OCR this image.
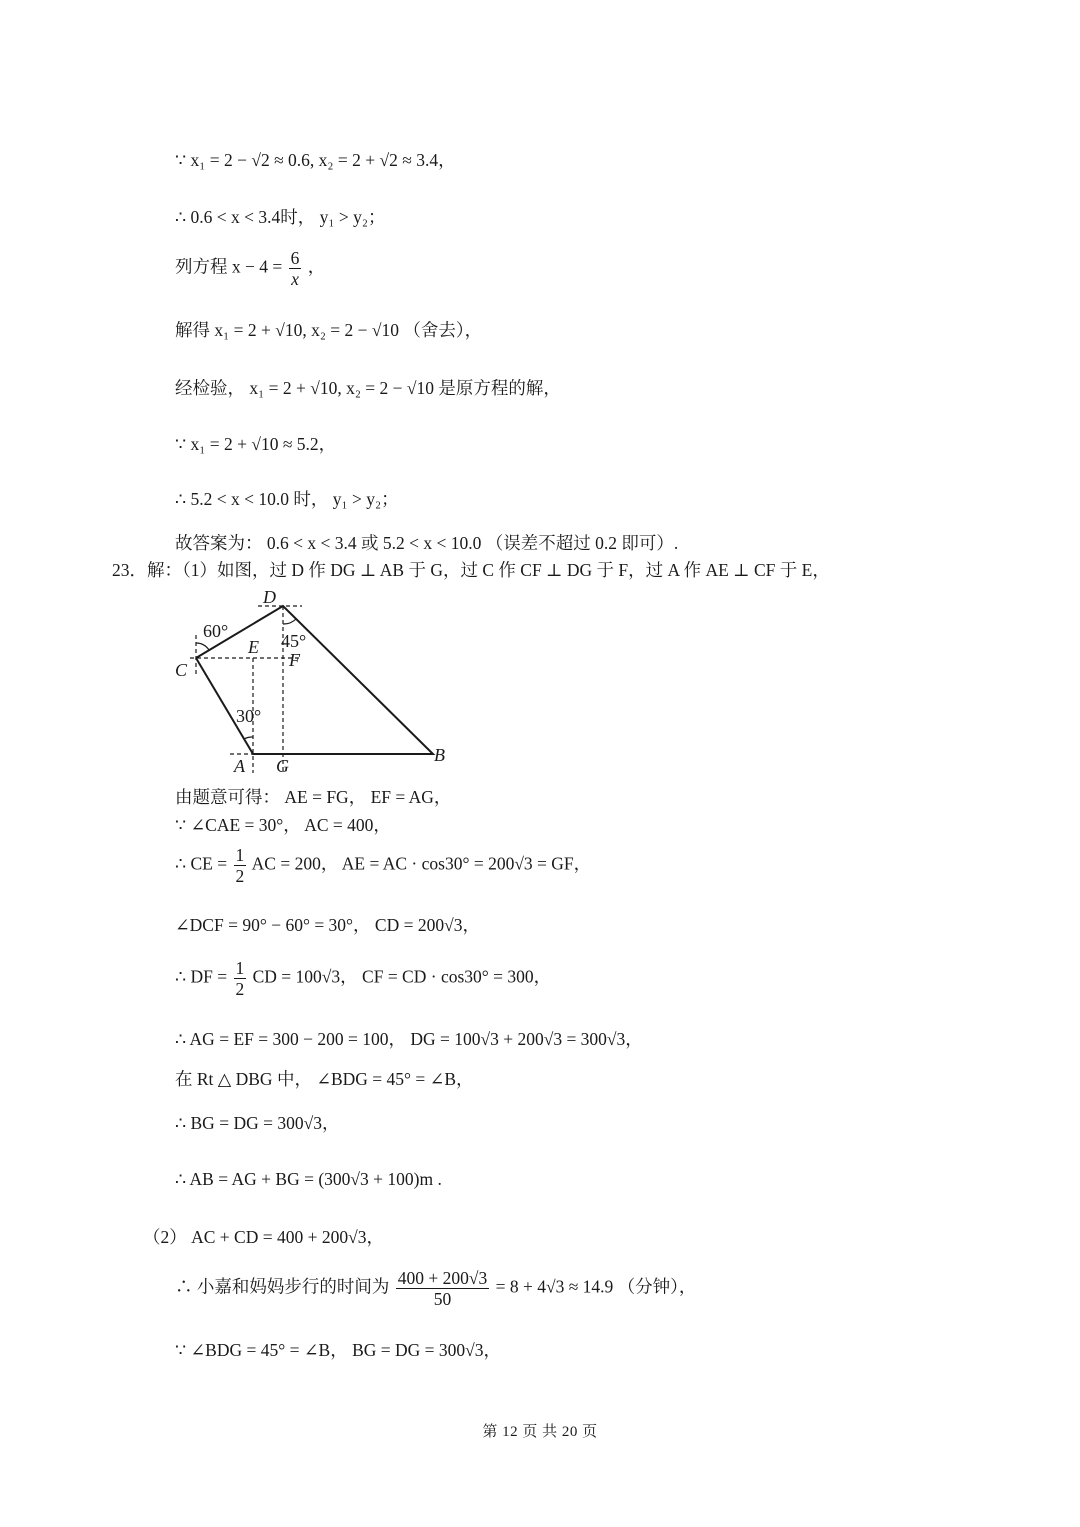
∵ x₁ = 2 − √2 ≈ 0.6, x₂ = 2 + √2 ≈ 3.4，
∴ 0.6 < x < 3.4时， y₁ > y₂；
列方程 $x - 4 = \frac{6}{x}$ ，
解得 x₁ = 2 + √10, x₂ = 2 − √10 （舍去），
经检验， x₁ = 2 + √10, x₂ = 2 − √10 是原方程的解，
∵ x₁ = 2 + √10 ≈ 5.2，
∴ 5.2 < x < 10.0 时， y₁ > y₂；
故答案为： 0.6 < x < 3.4 或 5.2 < x < 10.0 （误差不超过 0.2 即可）.
23．解：（1）如图，过 D 作 DG ⊥ AB 于 G，过 C 作 CF ⊥ DG 于 F，过 A 作 AE ⊥ CF 于 E，
60°	45°
30°
D
E
F
C
A G
B
由题意可得： AE = FG， EF = AG，
∵ ∠CAE = 30°， AC = 400，
∴ CE = $\frac{1}{2}$ AC = 200， AE = AC · cos30° = 200√3 = GF，
∠DCF = 90° − 60° = 30°， CD = 200√3，
∴ DF = $\frac{1}{2}$ CD = 100√3， CF = CD · cos30° = 300，
∴ AG = EF = 300 − 200 = 100， DG = 100√3 + 200√3 = 300√3，
在 Rt △ DBG 中， ∠BDG = 45° = ∠B，
∴ BG = DG = 300√3，
∴ AB = AG + BG = (300√3 + 100)m .
（2） AC + CD = 400 + 200√3，
∴ 小嘉和妈妈步行的时间为 $\frac{400 + 200√3}{50} = 8 + 4√3 \approx 14.9$ （分钟），
∵ ∠BDG = 45° = ∠B， BG = DG = 300√3，
第 12 页 共 20 页
